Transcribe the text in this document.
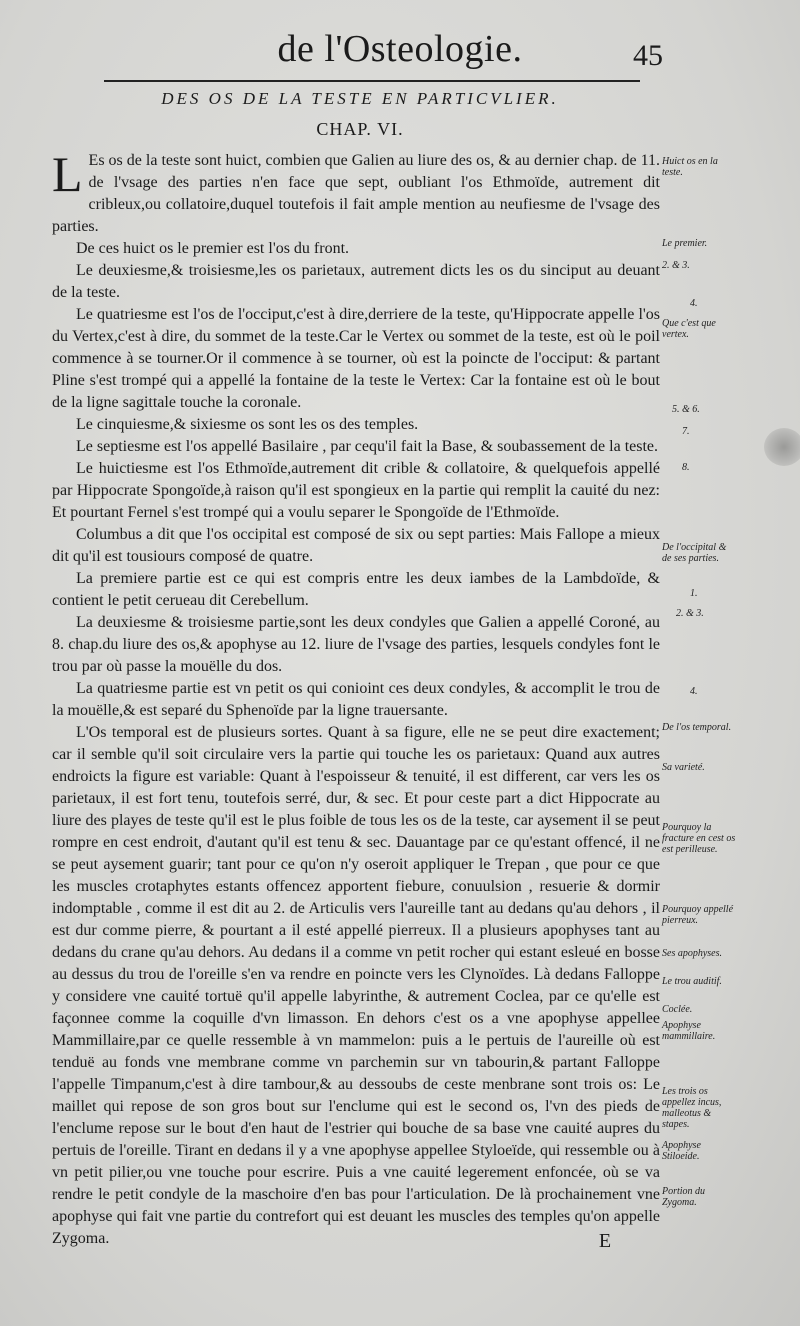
de l'Osteologie.	45
DES OS DE LA TESTE EN PARTICVLIER.
CHAP. VI.

L Es os de la teste sont huict, combien que Galien au liure des os, & au dernier chap. de 11. de l'vsage des parties n'en face que sept, oubliant l'os Ethmoïde, autrement dit cribleux,ou collatoire,duquel toutefois il fait ample mention au neufiesme de l'vsage des parties.

De ces huict os le premier est l'os du front.

Le deuxiesme,& troisiesme,les os parietaux, autrement dicts les os du sinciput au deuant de la teste.

Le quatriesme est l'os de l'occiput,c'est à dire,derriere de la teste, qu'Hippocrate appelle l'os du Vertex,c'est à dire, du sommet de la teste.Car le Vertex ou sommet de la teste, est où le poil commence à se tourner.Or il commence à se tourner, où est la poincte de l'occiput: & partant Pline s'est trompé qui a appellé la fontaine de la teste le Vertex: Car la fontaine est où le bout de la ligne sagittale touche la coronale.

Le cinquiesme,& sixiesme os sont les os des temples.

Le septiesme est l'os appellé Basilaire , par cequ'il fait la Base, & soubassement de la teste.

Le huictiesme est l'os Ethmoïde,autrement dit crible & collatoire, & quelquefois appellé par Hippocrate Spongoïde,à raison qu'il est spongieux en la partie qui remplit la cauité du nez: Et pourtant Fernel s'est trompé qui a voulu separer le Spongoïde de l'Ethmoïde.

Columbus a dit que l'os occipital est composé de six ou sept parties: Mais Fallope a mieux dit qu'il est tousiours composé de quatre.

La premiere partie est ce qui est compris entre les deux iambes de la Lambdoïde, & contient le petit cerueau dit Cerebellum.

La deuxiesme & troisiesme partie,sont les deux condyles que Galien a appellé Coroné, au 8. chap.du liure des os,& apophyse au 12. liure de l'vsage des parties, lesquels condyles font le trou par où passe la mouëlle du dos.

La quatriesme partie est vn petit os qui conioint ces deux condyles, & accomplit le trou de la mouëlle,& est separé du Sphenoïde par la ligne trauersante.

L'Os temporal est de plusieurs sortes. Quant à sa figure, elle ne se peut dire exactement; car il semble qu'il soit circulaire vers la partie qui touche les os parietaux: Quand aux autres endroicts la figure est variable: Quant à l'espoisseur & tenuité, il est different, car vers les os parietaux, il est fort tenu, toutefois serré, dur, & sec. Et pour ceste part a dict Hippocrate au liure des playes de teste qu'il est le plus foible de tous les os de la teste, car aysement il se peut rompre en cest endroit, d'autant qu'il est tenu & sec. Dauantage par ce qu'estant offencé, il ne se peut aysement guarir; tant pour ce qu'on n'y oseroit appliquer le Trepan , que pour ce que les muscles crotaphytes estants offencez apportent fiebure, conuulsion , resuerie & dormir indomptable , comme il est dit au 2. de Articulis vers l'aureille tant au dedans qu'au dehors , il est dur comme pierre, & pourtant a il esté appellé pierreux. Il a plusieurs apophyses tant au dedans du crane qu'au dehors. Au dedans il a comme vn petit rocher qui estant esleué en bosse au dessus du trou de l'oreille s'en va rendre en poincte vers les Clynoïdes. Là dedans Falloppe y considere vne cauité tortuë qu'il appelle labyrinthe, & autrement Coclea, par ce qu'elle est façonnee comme la coquille d'vn limasson. En dehors c'est os a vne apophyse appellee Mammillaire,par ce quelle ressemble à vn mammelon: puis a le pertuis de l'aureille où est tenduë au fonds vne membrane comme vn parchemin sur vn tabourin,& partant Falloppe l'appelle Timpanum,c'est à dire tambour,& au dessoubs de ceste menbrane sont trois os: Le maillet qui repose de son gros bout sur l'enclume qui est le second os, l'vn des pieds de l'enclume repose sur le bout d'en haut de l'estrier qui bouche de sa base vne cauité aupres du pertuis de l'oreille. Tirant en dedans il y a vne apophyse appellee Styloeïde, qui ressemble ou à vn petit pilier,ou vne touche pour escrire. Puis a vne cauité legerement enfoncée, où se va rendre le petit condyle de la maschoire d'en bas pour l'articulation. De là prochainement vne apophyse qui fait vne partie du contrefort qui est deuant les muscles des temples qu'on appelle Zygoma.

Huict os en la teste.
Le premier.
2. & 3.
4.
Que c'est que vertex.
5. & 6.
7.
8.
De l'occipital & de ses parties.
1.
2. & 3.
4.
De l'os temporal.
Sa varieté.
Pourquoy la fracture en cest os est perilleuse.
Pourquoy appellé pierreux.
Ses apophyses.
Le trou auditif.
Coclée.
Apophyse mammillaire.
Les trois os appellez incus, malleotus & stapes.
Apophyse Stiloeide.
Portion du Zygoma.
E
